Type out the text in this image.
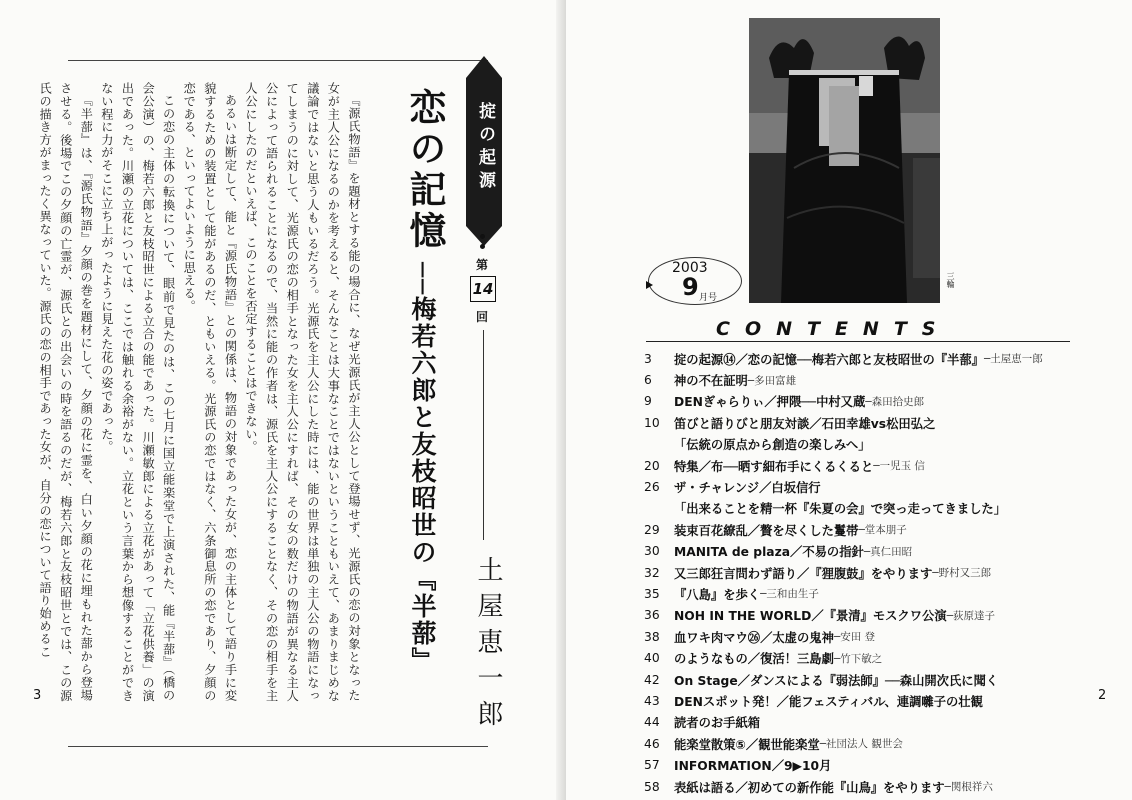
『源氏物語』を題材とする能の場合に、なぜ光源氏が主人公として登場せず、光源氏の恋の対象となった女が主人公になるのかを考えると、そんなことは大事なことではないということもいえて、あまりまじめな議論ではないと思う人もいるだろう。光源氏を主人公にした時には、能の世界は単独の主人公の物語になってしまうのに対して、光源氏の恋の相手となった女を主人公にすれば、その女の数だけの物語が異なる主人公によって語られることになるので、当然に能の作者は、源氏を主人公にすることなく、その恋の相手を主人公にしたのだといえば、このことを否定することはできない。

あるいは断定して、能と『源氏物語』との関係は、物語の対象であった女が、恋の主体として語り手に変貌するための装置として能があるのだ、ともいえる。光源氏の恋ではなく、六条御息所の恋であり、夕顔の恋である、といってよいように思える。

この恋の主体の転換について、眼前で見たのは、この七月に国立能楽堂で上演された、能『半蔀』（橋の会公演）の、梅若六郎と友枝昭世による立合の能であった。川瀬敏郎による立花があって「立花供養」の演出であった。川瀬の立花については、ここでは触れる余裕がない。立花という言葉から想像することができない程に力がそこに立ち上がったように見えた花の姿であった。

『半蔀』は、『源氏物語』夕顔の巻を題材にして、夕顔の花に霊を、白い夕顔の花に埋もれた蔀から登場させる。後場でこの夕顔の亡霊が、源氏との出会いの時を語るのだが、梅若六郎と友枝昭世とでは、この源氏の描き方がまったく異なっていた。源氏の恋の相手であった女が、自分の恋について語り始めるこ	恋の記憶
──梅若六郎と友枝昭世の『半蔀』
掟の起源
第
14
回
土屋恵一郎
3
三輪
2003
9 月号
CONTENTS
3	掟の起源⑭／恋の記憶──梅若六郎と友枝昭世の『半蔀』 ─土屋恵一郎
6	神の不在証明 ─多田富雄
9	DENぎゃらりぃ／押隈──中村又蔵 ─森田拾史郎
10	笛びと語りびと朋友対談／石田幸雄vs松田弘之
「伝統の原点から創造の楽しみへ」
20	特集／布──晒す細布手にくるくると ─一児玉 信
26	ザ・チャレンジ／白坂信行
「出来ることを精一杯『朱夏の会』で突っ走ってきました」
29	装束百花繚乱／贅を尽くした鬘帯 ─堂本朋子
30	MANITA de plaza／不易の指針 ─真仁田昭
32	又三郎狂言問わず語り／『狸腹鼓』をやります ─野村又三郎
35	『八島』を歩く ─三和由生子
36	NOH IN THE WORLD／『景清』モスクワ公演 ─荻原達子
38	血ワキ肉マウ㉖／太虚の鬼神 ─安田 登
40	のようなもの／復活！三島劇 ─竹下敏之
42	On Stage／ダンスによる『弱法師』──森山開次氏に聞く
43	DENスポット発！／能フェスティバル、連調囃子の壮観
44	読者のお手紙箱
46	能楽堂散策⑤／観世能楽堂 ─社団法人 観世会
57	INFORMATION／9▶10月
58	表紙は語る／初めての新作能『山鳥』をやります ─関根祥六
2
